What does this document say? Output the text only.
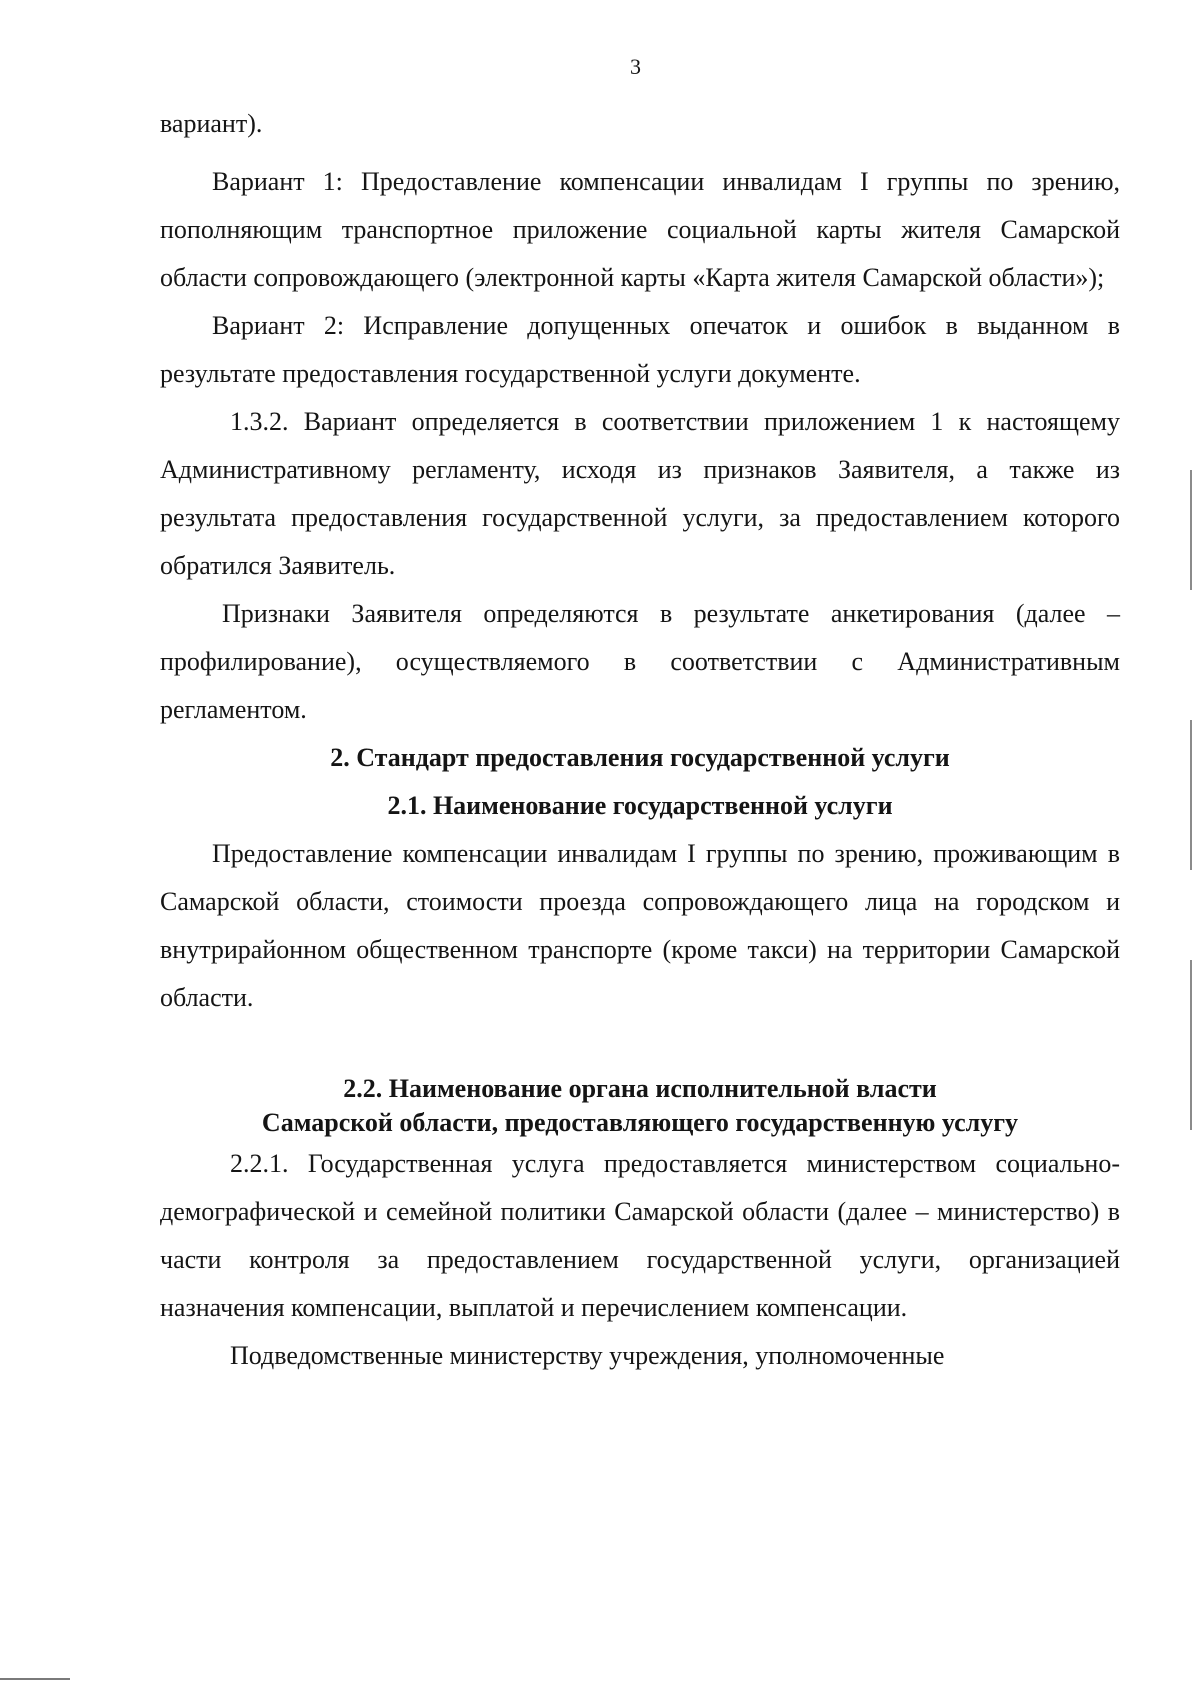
3

вариант).

Вариант 1: Предоставление компенсации инвалидам I группы по зрению, пополняющим транспортное приложение социальной карты жителя Самарской области сопровождающего (электронной карты «Карта жителя Самарской области»);

Вариант 2: Исправление допущенных опечаток и ошибок в выданном в результате предоставления государственной услуги документе.

1.3.2. Вариант определяется в соответствии приложением 1 к настоящему Административному регламенту, исходя из признаков Заявителя, а также из результата предоставления государственной услуги, за предоставлением которого обратился Заявитель.

Признаки Заявителя определяются в результате анкетирования (далее – профилирование), осуществляемого в соответствии с Административным регламентом.

2. Стандарт предоставления государственной услуги

2.1. Наименование государственной услуги

Предоставление компенсации инвалидам I группы по зрению, проживающим в Самарской области, стоимости проезда сопровождающего лица на городском и внутрирайонном общественном транспорте (кроме такси) на территории Самарской области.

2.2. Наименование органа исполнительной власти

Самарской области, предоставляющего государственную услугу

2.2.1. Государственная услуга предоставляется министерством социально-демографической и семейной политики Самарской области (далее – министерство) в части контроля за предоставлением государственной услуги, организацией назначения компенсации, выплатой и перечислением компенсации.

Подведомственные министерству учреждения, уполномоченные
